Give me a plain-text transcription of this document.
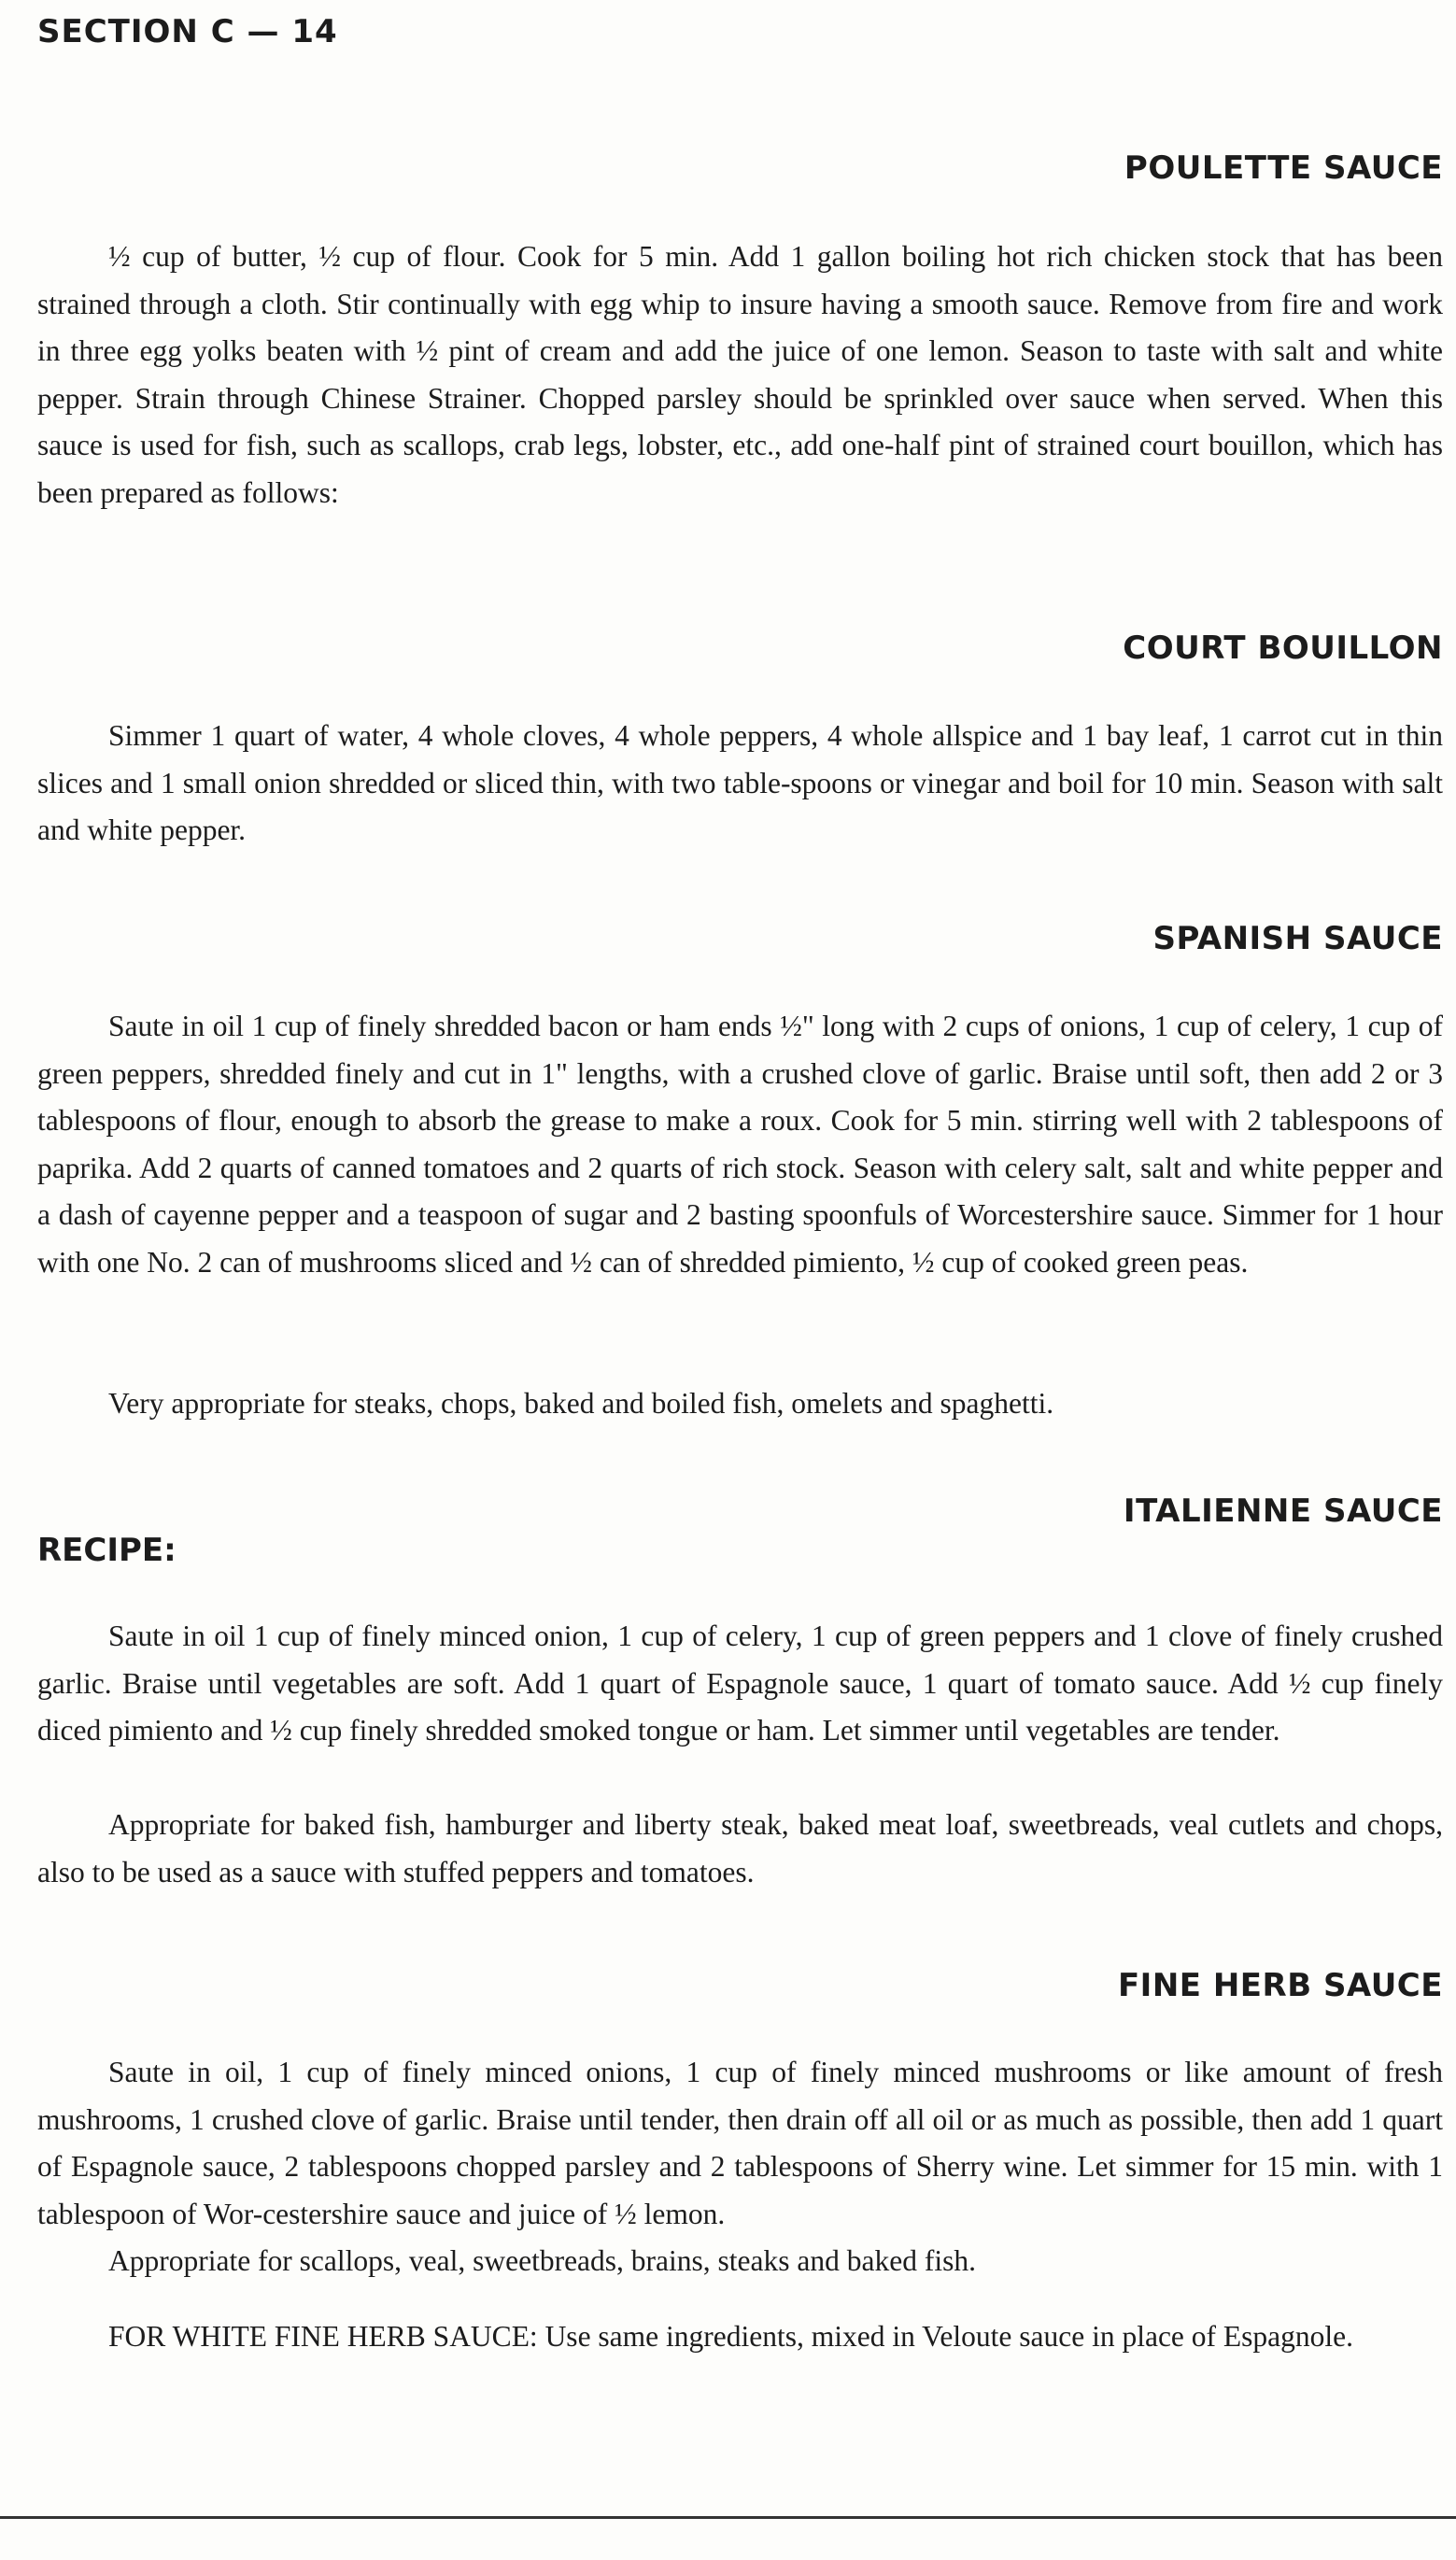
SECTION C — 14
POULETTE SAUCE

½ cup of butter, ½ cup of flour. Cook for 5 min. Add 1 gallon boiling hot rich chicken stock that has been strained through a cloth. Stir continually with egg whip to insure having a smooth sauce. Remove from fire and work in three egg yolks beaten with ½ pint of cream and add the juice of one lemon. Season to taste with salt and white pepper. Strain through Chinese Strainer. Chopped parsley should be sprinkled over sauce when served. When this sauce is used for fish, such as scallops, crab legs, lobster, etc., add one-half pint of strained court bouillon, which has been prepared as follows:

COURT BOUILLON

Simmer 1 quart of water, 4 whole cloves, 4 whole peppers, 4 whole allspice and 1 bay leaf, 1 carrot cut in thin slices and 1 small onion shredded or sliced thin, with two table-spoons or vinegar and boil for 10 min. Season with salt and white pepper.

SPANISH SAUCE

Saute in oil 1 cup of finely shredded bacon or ham ends ½" long with 2 cups of onions, 1 cup of celery, 1 cup of green peppers, shredded finely and cut in 1" lengths, with a crushed clove of garlic. Braise until soft, then add 2 or 3 tablespoons of flour, enough to absorb the grease to make a roux. Cook for 5 min. stirring well with 2 tablespoons of paprika. Add 2 quarts of canned tomatoes and 2 quarts of rich stock. Season with celery salt, salt and white pepper and a dash of cayenne pepper and a teaspoon of sugar and 2 basting spoonfuls of Worcestershire sauce. Simmer for 1 hour with one No. 2 can of mushrooms sliced and ½ can of shredded pimiento, ½ cup of cooked green peas.

Very appropriate for steaks, chops, baked and boiled fish, omelets and spaghetti.

ITALIENNE SAUCE
RECIPE:

Saute in oil 1 cup of finely minced onion, 1 cup of celery, 1 cup of green peppers and 1 clove of finely crushed garlic. Braise until vegetables are soft. Add 1 quart of Espagnole sauce, 1 quart of tomato sauce. Add ½ cup finely diced pimiento and ½ cup finely shredded smoked tongue or ham. Let simmer until vegetables are tender.

Appropriate for baked fish, hamburger and liberty steak, baked meat loaf, sweetbreads, veal cutlets and chops, also to be used as a sauce with stuffed peppers and tomatoes.

FINE HERB SAUCE

Saute in oil, 1 cup of finely minced onions, 1 cup of finely minced mushrooms or like amount of fresh mushrooms, 1 crushed clove of garlic. Braise until tender, then drain off all oil or as much as possible, then add 1 quart of Espagnole sauce, 2 tablespoons chopped parsley and 2 tablespoons of Sherry wine. Let simmer for 15 min. with 1 tablespoon of Wor-cestershire sauce and juice of ½ lemon.

Appropriate for scallops, veal, sweetbreads, brains, steaks and baked fish.

FOR WHITE FINE HERB SAUCE: Use same ingredients, mixed in Veloute sauce in place of Espagnole.
